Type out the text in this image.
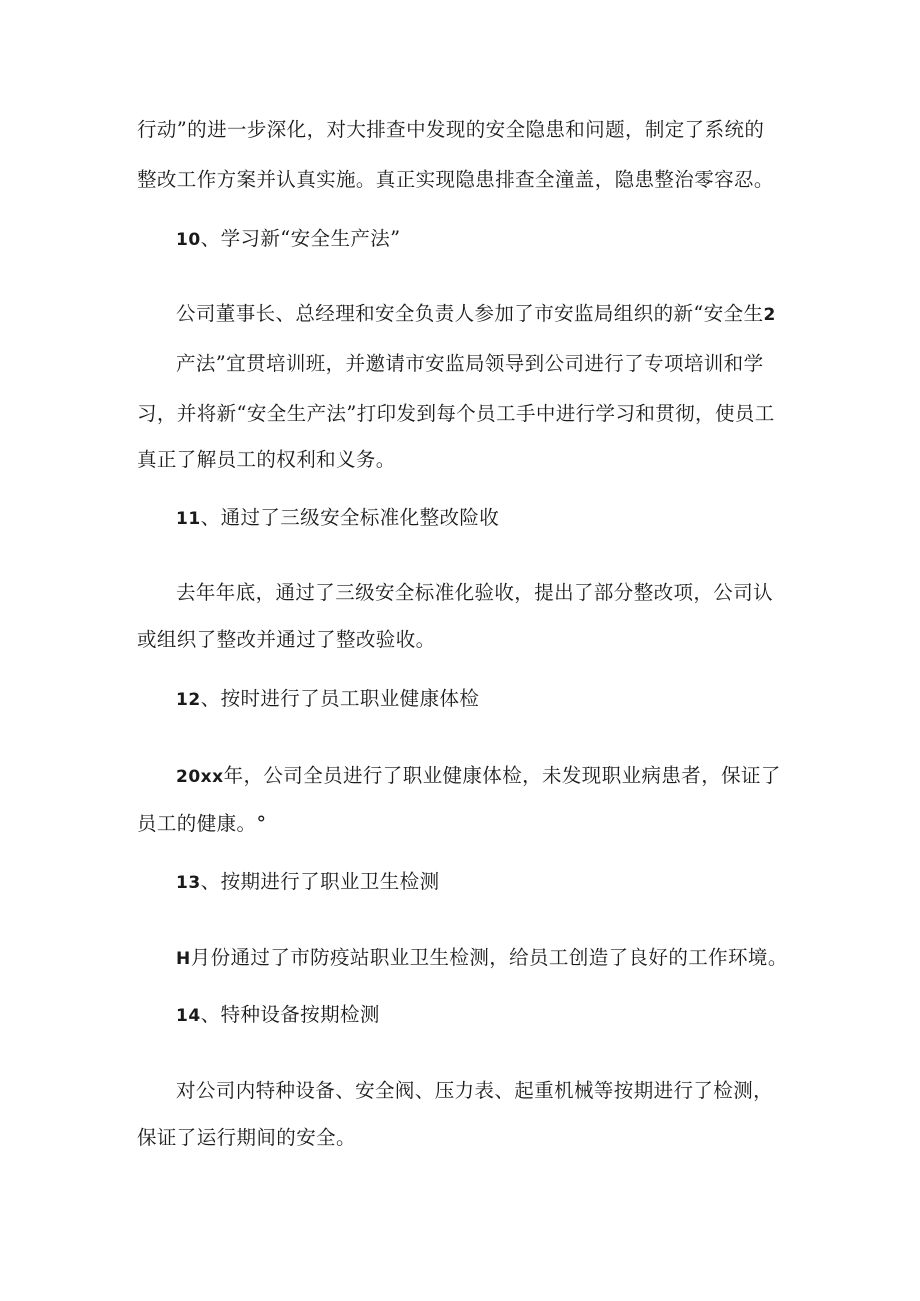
行动”的进一步深化，对大排查中发现的安全隐患和问题，制定了系统的
整改工作方案并认真实施。真正实现隐患排查全潼盖，隐患整治零容忍。
10、学习新“安全生产法”
公司董事长、总经理和安全负责人参加了市安监局组织的新“安全生2
产法”宜贯培训班，并邀请市安监局领导到公司进行了专项培训和学
习，并将新“安全生产法”打印发到每个员工手中进行学习和贯彻，使员工
真正了解员工的权利和义务。
11、通过了三级安全标准化整改险收
去年年底，通过了三级安全标准化验收，提出了部分整改项，公司认
或组织了整改并通过了整改验收。
12、按时进行了员工职业健康体检
20xx年，公司全员进行了职业健康体检，未发现职业病患者，保证了
员工的健康。°
13、按期进行了职业卫生检测
H月份通过了市防疫站职业卫生检测，给员工创造了良好的工作环境。
14、特种设备按期检测
对公司内特种设备、安全阀、压力表、起重机械等按期进行了检测，
保证了运行期间的安全。
